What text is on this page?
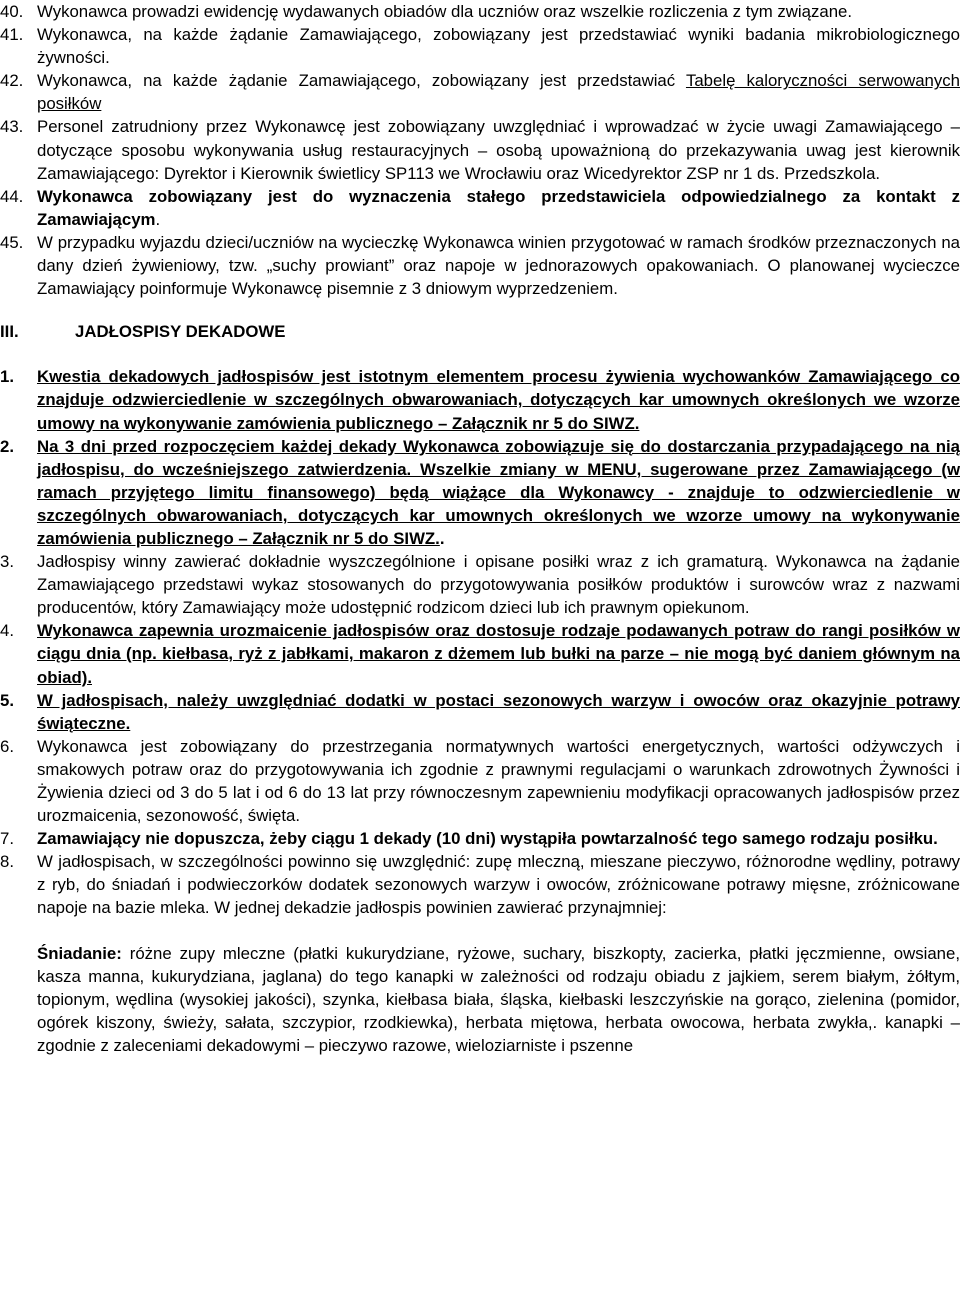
40. Wykonawca prowadzi ewidencję wydawanych obiadów dla uczniów oraz wszelkie rozliczenia z tym związane.
41. Wykonawca, na każde żądanie Zamawiającego, zobowiązany jest przedstawiać wyniki badania mikrobiologicznego żywności.
42. Wykonawca, na każde żądanie Zamawiającego, zobowiązany jest przedstawiać Tabelę kaloryczności serwowanych posiłków
43. Personel zatrudniony przez Wykonawcę jest zobowiązany uwzględniać i wprowadzać w życie uwagi Zamawiającego – dotyczące sposobu wykonywania usług restauracyjnych – osobą upoważnioną do przekazywania uwag jest kierownik Zamawiającego: Dyrektor i Kierownik świetlicy SP113 we Wrocławiu oraz Wicedyrektor ZSP nr 1 ds. Przedszkola.
44. Wykonawca zobowiązany jest do wyznaczenia stałego przedstawiciela odpowiedzialnego za kontakt z Zamawiającym.
45. W przypadku wyjazdu dzieci/uczniów na wycieczkę Wykonawca winien przygotować w ramach środków przeznaczonych na dany dzień żywieniowy, tzw. „suchy prowiant” oraz napoje w jednorazowych opakowaniach. O planowanej wycieczce Zamawiający poinformuje Wykonawcę pisemnie z 3 dniowym wyprzedzeniem.
III.	JADŁOSPISY DEKADOWE
1. Kwestia dekadowych jadłospisów jest istotnym elementem procesu żywienia wychowanków Zamawiającego co znajduje odzwierciedlenie w szczególnych obwarowaniach, dotyczących kar umownych określonych we wzorze umowy na wykonywanie zamówienia publicznego – Załącznik nr 5 do SIWZ.
2. Na 3 dni przed rozpoczęciem każdej dekady Wykonawca zobowiązuje się do dostarczania przypadającego na nią jadłospisu, do wcześniejszego zatwierdzenia. Wszelkie zmiany w MENU, sugerowane przez Zamawiającego (w ramach przyjętego limitu finansowego) będą wiążące dla Wykonawcy - znajduje to odzwierciedlenie w szczególnych obwarowaniach, dotyczących kar umownych określonych we wzorze umowy na wykonywanie zamówienia publicznego – Załącznik nr 5 do SIWZ..
3. Jadłospisy winny zawierać dokładnie wyszczególnione i opisane posiłki wraz z ich gramaturą. Wykonawca na żądanie Zamawiającego przedstawi wykaz stosowanych do przygotowywania posiłków produktów i surowców wraz z nazwami producentów, który Zamawiający może udostępnić rodzicom dzieci lub ich prawnym opiekunom.
4. Wykonawca zapewnia urozmaicenie jadłospisów oraz dostosuje rodzaje podawanych potraw do rangi posiłków w ciągu dnia (np. kiełbasa, ryż z jabłkami, makaron z dżemem lub bułki na parze – nie mogą być daniem głównym na obiad).
5. W jadłospisach, należy uwzględniać dodatki w postaci sezonowych warzyw i owoców oraz okazyjnie potrawy świąteczne.
6. Wykonawca jest zobowiązany do przestrzegania normatywnych wartości energetycznych, wartości odżywczych i smakowych potraw oraz do przygotowywania ich zgodnie z prawnymi regulacjami o warunkach zdrowotnych Żywności i Żywienia dzieci od 3 do 5 lat i od 6 do 13 lat przy równoczesnym zapewnieniu modyfikacji opracowanych jadłospisów przez urozmaicenia, sezonowość, święta.
7. Zamawiający nie dopuszcza, żeby ciągu 1 dekady (10 dni) wystąpiła powtarzalność tego samego rodzaju posiłku.
8. W jadłospisach, w szczególności powinno się uwzględnić: zupę mleczną, mieszane pieczywo, różnorodne wędliny, potrawy z ryb, do śniadań i podwieczorków dodatek sezonowych warzyw i owoców, zróżnicowane potrawy mięsne, zróżnicowane napoje na bazie mleka. W jednej dekadzie jadłospis powinien zawierać przynajmniej:
Śniadanie: różne zupy mleczne (płatki kukurydziane, ryżowe, suchary, biszkopty, zacierka, płatki jęczmienne, owsiane, kasza manna, kukurydziana, jaglana) do tego kanapki w zależności od rodzaju obiadu z jajkiem, serem białym, żółtym, topionym, wędlina (wysokiej jakości), szynka, kiełbasa biała, śląska, kiełbaski leszczyńskie na gorąco, zielenina (pomidor, ogórek kiszony, świeży, sałata, szczypior, rzodkiewka), herbata miętowa, herbata owocowa, herbata zwykła,. kanapki – zgodnie z zaleceniami dekadowymi – pieczywo razowe, wieloziarniste i pszenne
